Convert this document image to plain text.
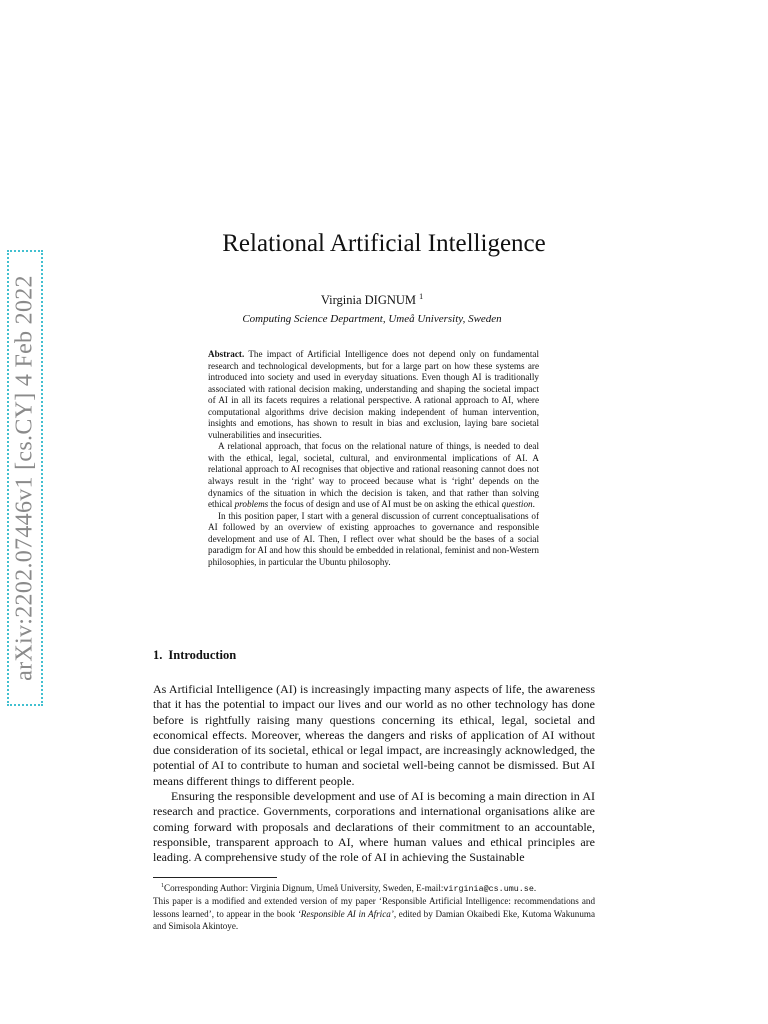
arXiv:2202.07446v1 [cs.CY] 4 Feb 2022
Relational Artificial Intelligence

Virginia DIGNUM $^1$

Computing Science Department, Umeå University, Sweden

Abstract. The impact of Artificial Intelligence does not depend only on fundamental research and technological developments, but for a large part on how these systems are introduced into society and used in everyday situations. Even though AI is traditionally associated with rational decision making, understanding and shaping the societal impact of AI in all its facets requires a relational perspective. A rational approach to AI, where computational algorithms drive decision making independent of human intervention, insights and emotions, has shown to result in bias and exclusion, laying bare societal vulnerabilities and insecurities.

A relational approach, that focus on the relational nature of things, is needed to deal with the ethical, legal, societal, cultural, and environmental implications of AI. A relational approach to AI recognises that objective and rational reasoning cannot does not always result in the ‘right’ way to proceed because what is ‘right’ depends on the dynamics of the situation in which the decision is taken, and that rather than solving ethical problems the focus of design and use of AI must be on asking the ethical question.

In this position paper, I start with a general discussion of current conceptualisations of AI followed by an overview of existing approaches to governance and responsible development and use of AI. Then, I reflect over what should be the bases of a social paradigm for AI and how this should be embedded in relational, feminist and non-Western philosophies, in particular the Ubuntu philosophy.

1. Introduction

As Artificial Intelligence (AI) is increasingly impacting many aspects of life, the awareness that it has the potential to impact our lives and our world as no other technology has done before is rightfully raising many questions concerning its ethical, legal, societal and economical effects. Moreover, whereas the dangers and risks of application of AI without due consideration of its societal, ethical or legal impact, are increasingly acknowledged, the potential of AI to contribute to human and societal well-being cannot be dismissed. But AI means different things to different people.

Ensuring the responsible development and use of AI is becoming a main direction in AI research and practice. Governments, corporations and international organisations alike are coming forward with proposals and declarations of their commitment to an accountable, responsible, transparent approach to AI, where human values and ethical principles are leading. A comprehensive study of the role of AI in achieving the Sustainable

$^1$Corresponding Author: Virginia Dignum, Umeå University, Sweden, E-mail:virginia@cs.umu.se.

This paper is a modified and extended version of my paper ‘Responsible Artificial Intelligence: recommendations and lessons learned’, to appear in the book ‘Responsible AI in Africa’, edited by Damian Okaibedi Eke, Kutoma Wakunuma and Simisola Akintoye.
